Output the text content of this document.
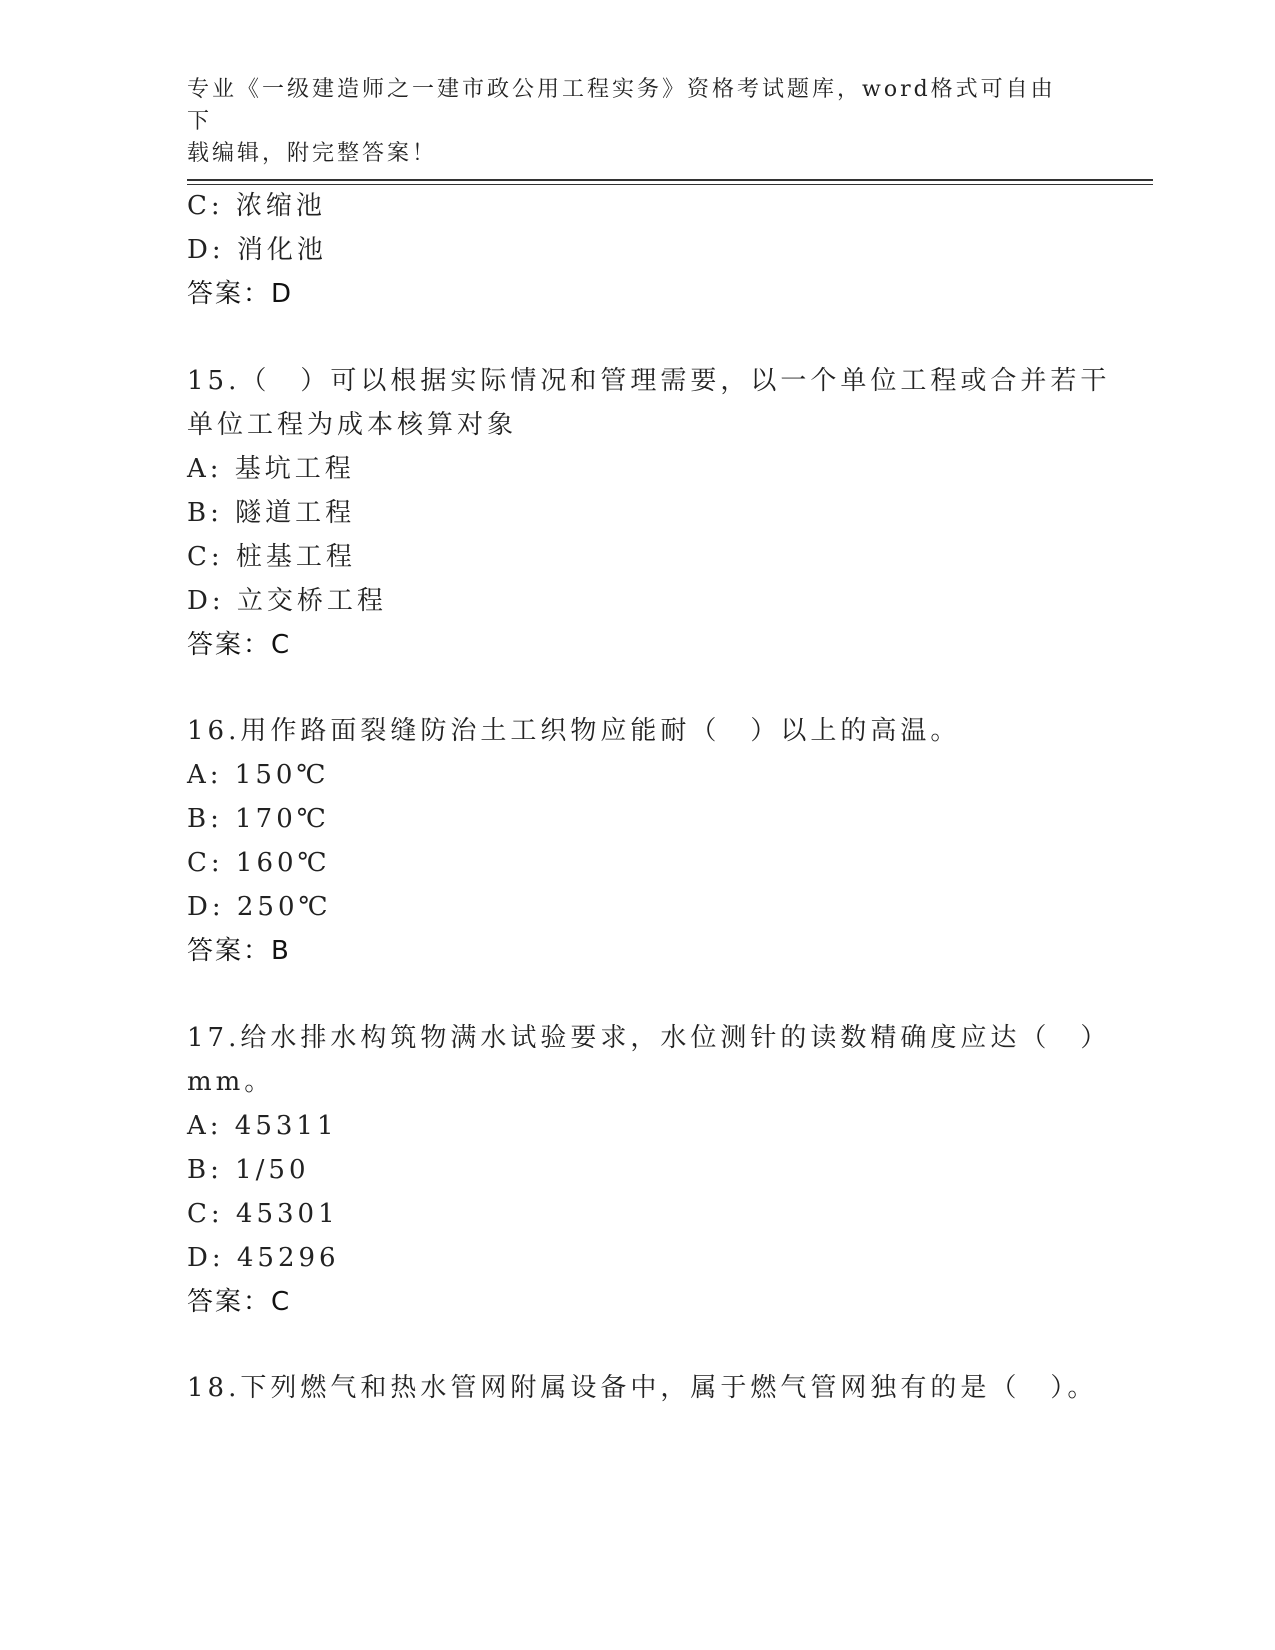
专业《一级建造师之一建市政公用工程实务》资格考试题库，word格式可自由下
载编辑，附完整答案！
C: 浓缩池
D: 消化池
答案：D
15.（　）可以根据实际情况和管理需要，以一个单位工程或合并若干
单位工程为成本核算对象
A: 基坑工程
B: 隧道工程
C: 桩基工程
D: 立交桥工程
答案：C
16.用作路面裂缝防治土工织物应能耐（　）以上的高温。
A: 150℃
B: 170℃
C: 160℃
D: 250℃
答案：B
17.给水排水构筑物满水试验要求，水位测针的读数精确度应达（　）
mm。
A: 45311
B: 1/50
C: 45301
D: 45296
答案：C
18.下列燃气和热水管网附属设备中，属于燃气管网独有的是（　）。
